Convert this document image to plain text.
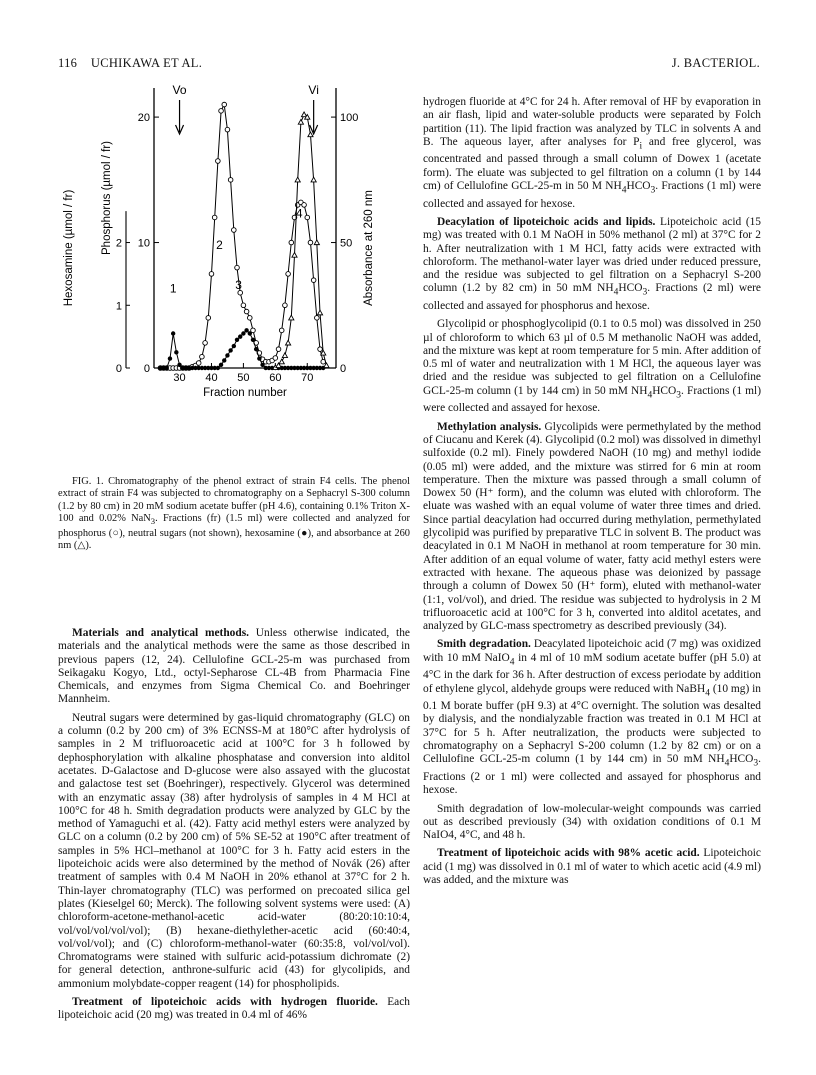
116 UCHIKAWA ET AL.	J. BACTERIOL.
30 40 50 60 70
Fraction number
0
10
20
0
1
2
0
50
100
Hexosamine (µmol / fr) Phosphorus (µmol / fr)	Absorbance at 260 nm
Vo	Vi
1
2
3
4

FIG. 1. Chromatography of the phenol extract of strain F4 cells. The phenol extract of strain F4 was subjected to chromatography on a Sephacryl S-300 column (1.2 by 80 cm) in 20 mM sodium acetate buffer (pH 4.6), containing 0.1% Triton X-100 and 0.02% NaN$_3$. Fractions (fr) (1.5 ml) were collected and analyzed for phosphorus (○), neutral sugars (not shown), hexosamine (●), and absorbance at 260 nm (△).

Materials and analytical methods. Unless otherwise indicated, the materials and the analytical methods were the same as those described in previous papers (12, 24). Cellulofine GCL-25-m was purchased from Seikagaku Kogyo, Ltd., octyl-Sepharose CL-4B from Pharmacia Fine Chemicals, and enzymes from Sigma Chemical Co. and Boehringer Mannheim.

Neutral sugars were determined by gas-liquid chromatography (GLC) on a column (0.2 by 200 cm) of 3% ECNSS-M at 180°C after hydrolysis of samples in 2 M trifluoroacetic acid at 100°C for 3 h followed by dephosphorylation with alkaline phosphatase and conversion into alditol acetates. D-Galactose and D-glucose were also assayed with the glucostat and galactose test set (Boehringer), respectively. Glycerol was determined with an enzymatic assay (38) after hydrolysis of samples in 4 M HCl at 100°C for 48 h. Smith degradation products were analyzed by GLC by the method of Yamaguchi et al. (42). Fatty acid methyl esters were analyzed by GLC on a column (0.2 by 200 cm) of 5% SE-52 at 190°C after treatment of samples in 5% HCl–methanol at 100°C for 3 h. Fatty acid esters in the lipoteichoic acids were also determined by the method of Novák (26) after treatment of samples with 0.4 M NaOH in 20% ethanol at 37°C for 2 h. Thin-layer chromatography (TLC) was performed on precoated silica gel plates (Kieselgel 60; Merck). The following solvent systems were used: (A) chloroform-acetone-methanol-acetic acid-water (80:20:10:10:4, vol/vol/vol/vol/vol); (B) hexane-diethylether-acetic acid (60:40:4, vol/vol/vol); and (C) chloroform-methanol-water (60:35:8, vol/vol/vol). Chromatograms were stained with sulfuric acid-potassium dichromate (2) for general detection, anthrone-sulfuric acid (43) for glycolipids, and ammonium molybdate-copper reagent (14) for phospholipids.

Treatment of lipoteichoic acids with hydrogen fluoride. Each lipoteichoic acid (20 mg) was treated in 0.4 ml of 46%

hydrogen fluoride at 4°C for 24 h. After removal of HF by evaporation in an air flash, lipid and water-soluble products were separated by Folch partition (11). The lipid fraction was analyzed by TLC in solvents A and B. The aqueous layer, after analyses for $P_i$ and free glycerol, was concentrated and passed through a small column of Dowex 1 (acetate form). The eluate was subjected to gel filtration on a column (1 by 144 cm) of Cellulofine GCL-25-m in 50 M $NH_4HCO_3$. Fractions (1 ml) were collected and assayed for hexose.

Deacylation of lipoteichoic acids and lipids. Lipoteichoic acid (15 mg) was treated with 0.1 M NaOH in 50% methanol (2 ml) at 37°C for 2 h. After neutralization with 1 M HCl, fatty acids were extracted with chloroform. The methanol-water layer was dried under reduced pressure, and the residue was subjected to gel filtration on a Sephacryl S-200 column (1.2 by 82 cm) in 50 mM $NH_4HCO_3$. Fractions (2 ml) were collected and assayed for phosphorus and hexose.

Glycolipid or phosphoglycolipid (0.1 to 0.5 mol) was dissolved in 250 µl of chloroform to which 63 µl of 0.5 M methanolic NaOH was added, and the mixture was kept at room temperature for 5 min. After addition of 0.5 ml of water and neutralization with 1 M HCl, the aqueous layer was dried and the residue was subjected to gel filtration on a Cellulofine GCL-25-m column (1 by 144 cm) in 50 mM $NH_4HCO_3$. Fractions (1 ml) were collected and assayed for hexose.

Methylation analysis. Glycolipids were permethylated by the method of Ciucanu and Kerek (4). Glycolipid (0.2 mol) was dissolved in dimethyl sulfoxide (0.2 ml). Finely powdered NaOH (10 mg) and methyl iodide (0.05 ml) were added, and the mixture was stirred for 6 min at room temperature. Then the mixture was passed through a small column of Dowex 50 (H⁺ form), and the column was eluted with chloroform. The eluate was washed with an equal volume of water three times and dried. Since partial deacylation had occurred during methylation, permethylated glycolipid was purified by preparative TLC in solvent B. The product was deacylated in 0.1 M NaOH in methanol at room temperature for 30 min. After addition of an equal volume of water, fatty acid methyl esters were extracted with hexane. The aqueous phase was deionized by passage through a column of Dowex 50 (H⁺ form), eluted with methanol-water (1:1, vol/vol), and dried. The residue was subjected to hydrolysis in 2 M trifluoroacetic acid at 100°C for 3 h, converted into alditol acetates, and analyzed by GLC-mass spectrometry as described previously (34).

Smith degradation. Deacylated lipoteichoic acid (7 mg) was oxidized with 10 mM NaIO$_4$ in 4 ml of 10 mM sodium acetate buffer (pH 5.0) at 4°C in the dark for 36 h. After destruction of excess periodate by addition of ethylene glycol, aldehyde groups were reduced with NaBH$_4$ (10 mg) in 0.1 M borate buffer (pH 9.3) at 4°C overnight. The solution was desalted by dialysis, and the nondialyzable fraction was treated in 0.1 M HCl at 37°C for 5 h. After neutralization, the products were subjected to chromatography on a Sephacryl S-200 column (1.2 by 82 cm) or on a Cellulofine GCL-25-m column (1 by 144 cm) in 50 mM $NH_4HCO_3$. Fractions (2 or 1 ml) were collected and assayed for phosphorus and hexose.

Smith degradation of low-molecular-weight compounds was carried out as described previously (34) with oxidation conditions of 0.1 M NaIO4, 4°C, and 48 h.

Treatment of lipoteichoic acids with 98% acetic acid. Lipoteichoic acid (1 mg) was dissolved in 0.1 ml of water to which acetic acid (4.9 ml) was added, and the mixture was
